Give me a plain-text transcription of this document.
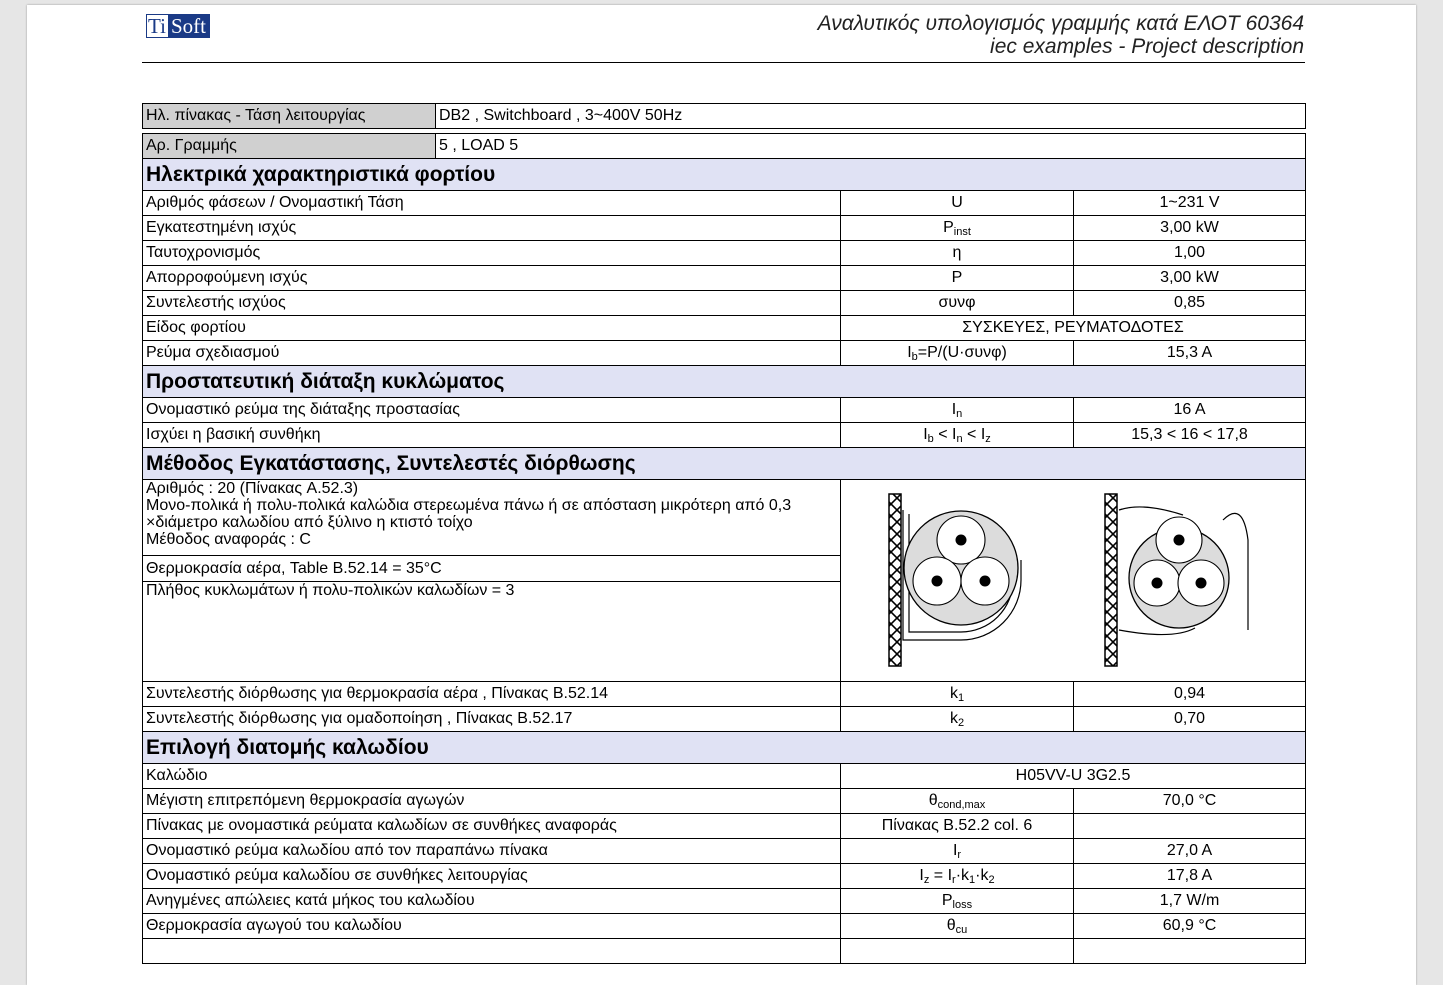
Ti Soft	Αναλυτικός υπολογισμός γραμμής κατά ΕΛΟΤ 60364
iec examples - Project description
Ηλ. πίνακας - Τάση λειτουργίας	DB2 , Switchboard , 3~400V 50Hz		

Αρ. Γραμμής	5 , LOAD 5		
Ηλεκτρικά χαρακτηριστικά φορτίου			
Αριθμός φάσεων / Ονομαστική Τάση		U	1~231 V
Εγκατεστημένη ισχύς		$P_{inst}$	3,00 kW
Ταυτοχρονισμός		η	1,00
Απορροφούμενη ισχύς		P	3,00 kW
Συντελεστής ισχύος		συνφ	0,85
Είδος φορτίου		ΣΥΣΚΕΥΕΣ, ΡΕΥΜΑΤΟΔΟΤΕΣ	
Ρεύμα σχεδιασμού		$I_b=P/(U\cdot\sigma\upsilon\nu\varphi)$	15,3 A
Προστατευτική διάταξη κυκλώματος			
Ονομαστικό ρεύμα της διάταξης προστασίας		$I_n$	16 A
Ισχύει η βασική συνθήκη		$I_b < I_n < I_z$	15,3 < 16 < 17,8
Μέθοδος Εγκατάστασης, Συντελεστές διόρθωσης			

Αριθμός : 20 (Πίνακας A.52.3)
Μονο-πολικά ή πολυ-πολικά καλώδια στερεωμένα πάνω ή σε απόσταση μικρότερη από 0,3 ×διάμετρο καλωδίου από ξύλινο η κτιστό τοίχο
Μέθοδος αναφοράς : C

Θερμοκρασία αέρα, Table B.52.14 = 35°C			
Πλήθος κυκλωμάτων ή πολυ-πολικών καλωδίων = 3			
Συντελεστής διόρθωσης για θερμοκρασία αέρα , Πίνακας B.52.14		$k_1$	0,94
Συντελεστής διόρθωσης για ομαδοποίηση , Πίνακας B.52.17		$k_2$	0,70
Επιλογή διατομής καλωδίου			
Καλώδιο		H05VV-U 3G2.5	
Μέγιστη επιτρεπόμενη θερμοκρασία αγωγών		$\theta_{cond,max}$	70,0 °C
Πίνακας με ονομαστικά ρεύματα καλωδίων σε συνθήκες αναφοράς		Πίνακας B.52.2 col. 6	
Ονομαστικό ρεύμα καλωδίου από τον παραπάνω πίνακα		$I_r$	27,0 A
Ονομαστικό ρεύμα καλωδίου σε συνθήκες λειτουργίας		$I_z = I_r\cdot k_1\cdot k_2$	17,8 A
Ανηγμένες απώλειες κατά μήκος του καλωδίου		$P_{loss}$	1,7 W/m
Θερμοκρασία αγωγού του καλωδίου		$\theta_{cu}$	60,9 °C
